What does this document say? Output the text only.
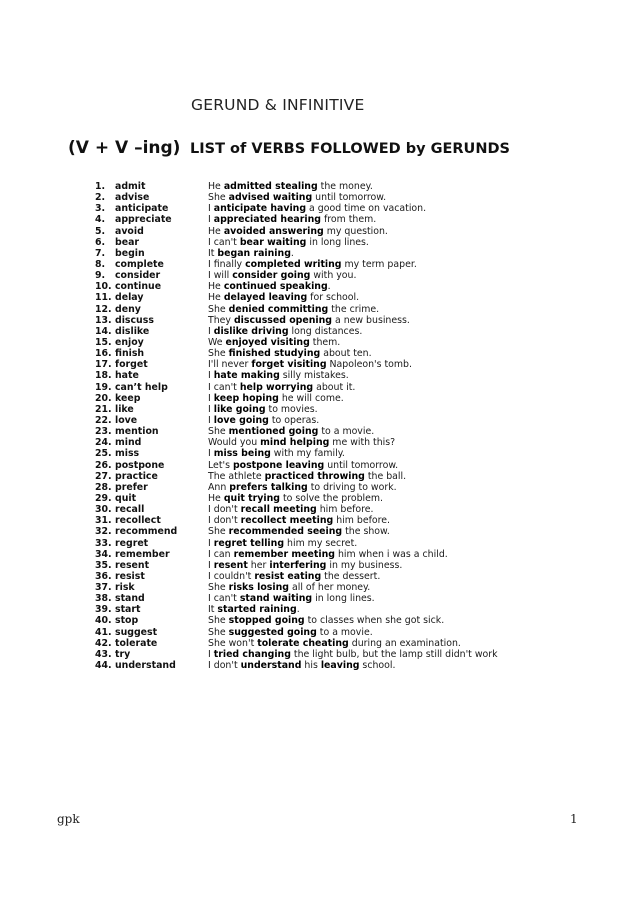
GERUND & INFINITIVE
(V + V –ing) LIST of VERBS FOLLOWED by GERUNDS
1.	admit	He admitted stealing the money.
2.	advise	She advised waiting until tomorrow.
3.	anticipate	I anticipate having a good time on vacation.
4.	appreciate	I appreciated hearing from them.
5.	avoid	He avoided answering my question.
6.	bear	I can't bear waiting in long lines.
7.	begin	It began raining.
8.	complete	I finally completed writing my term paper.
9.	consider	I will consider going with you.
10. continue	He continued speaking.
11. delay	He delayed leaving for school.
12. deny	She denied committing the crime.
13. discuss	They discussed opening a new business.
14. dislike	I dislike driving long distances.
15. enjoy	We enjoyed visiting them.
16. finish	She finished studying about ten.
17. forget	I'll never forget visiting Napoleon's tomb.
18. hate	I hate making silly mistakes.
19. can’t help	I can't help worrying about it.
20. keep	I keep hoping he will come.
21. like	I like going to movies.
22. love	I love going to operas.
23. mention	She mentioned going to a movie.
24. mind	Would you mind helping me with this?
25. miss	I miss being with my family.
26. postpone	Let's postpone leaving until tomorrow.
27. practice	The athlete practiced throwing the ball.
28. prefer	Ann prefers talking to driving to work.
29. quit	He quit trying to solve the problem.
30. recall	I don't recall meeting him before.
31. recollect	I don't recollect meeting him before.
32. recommend	She recommended seeing the show.
33. regret	I regret telling him my secret.
34. remember	I can remember meeting him when i was a child.
35. resent	I resent her interfering in my business.
36. resist	I couldn't resist eating the dessert.
37. risk	She risks losing all of her money.
38. stand	I can't stand waiting in long lines.
39. start	It started raining.
40. stop	She stopped going to classes when she got sick.
41. suggest	She suggested going to a movie.
42. tolerate	She won't tolerate cheating during an examination.
43. try	I tried changing the light bulb, but the lamp still didn't work
44. understand	I don't understand his leaving school.
gpk	1
